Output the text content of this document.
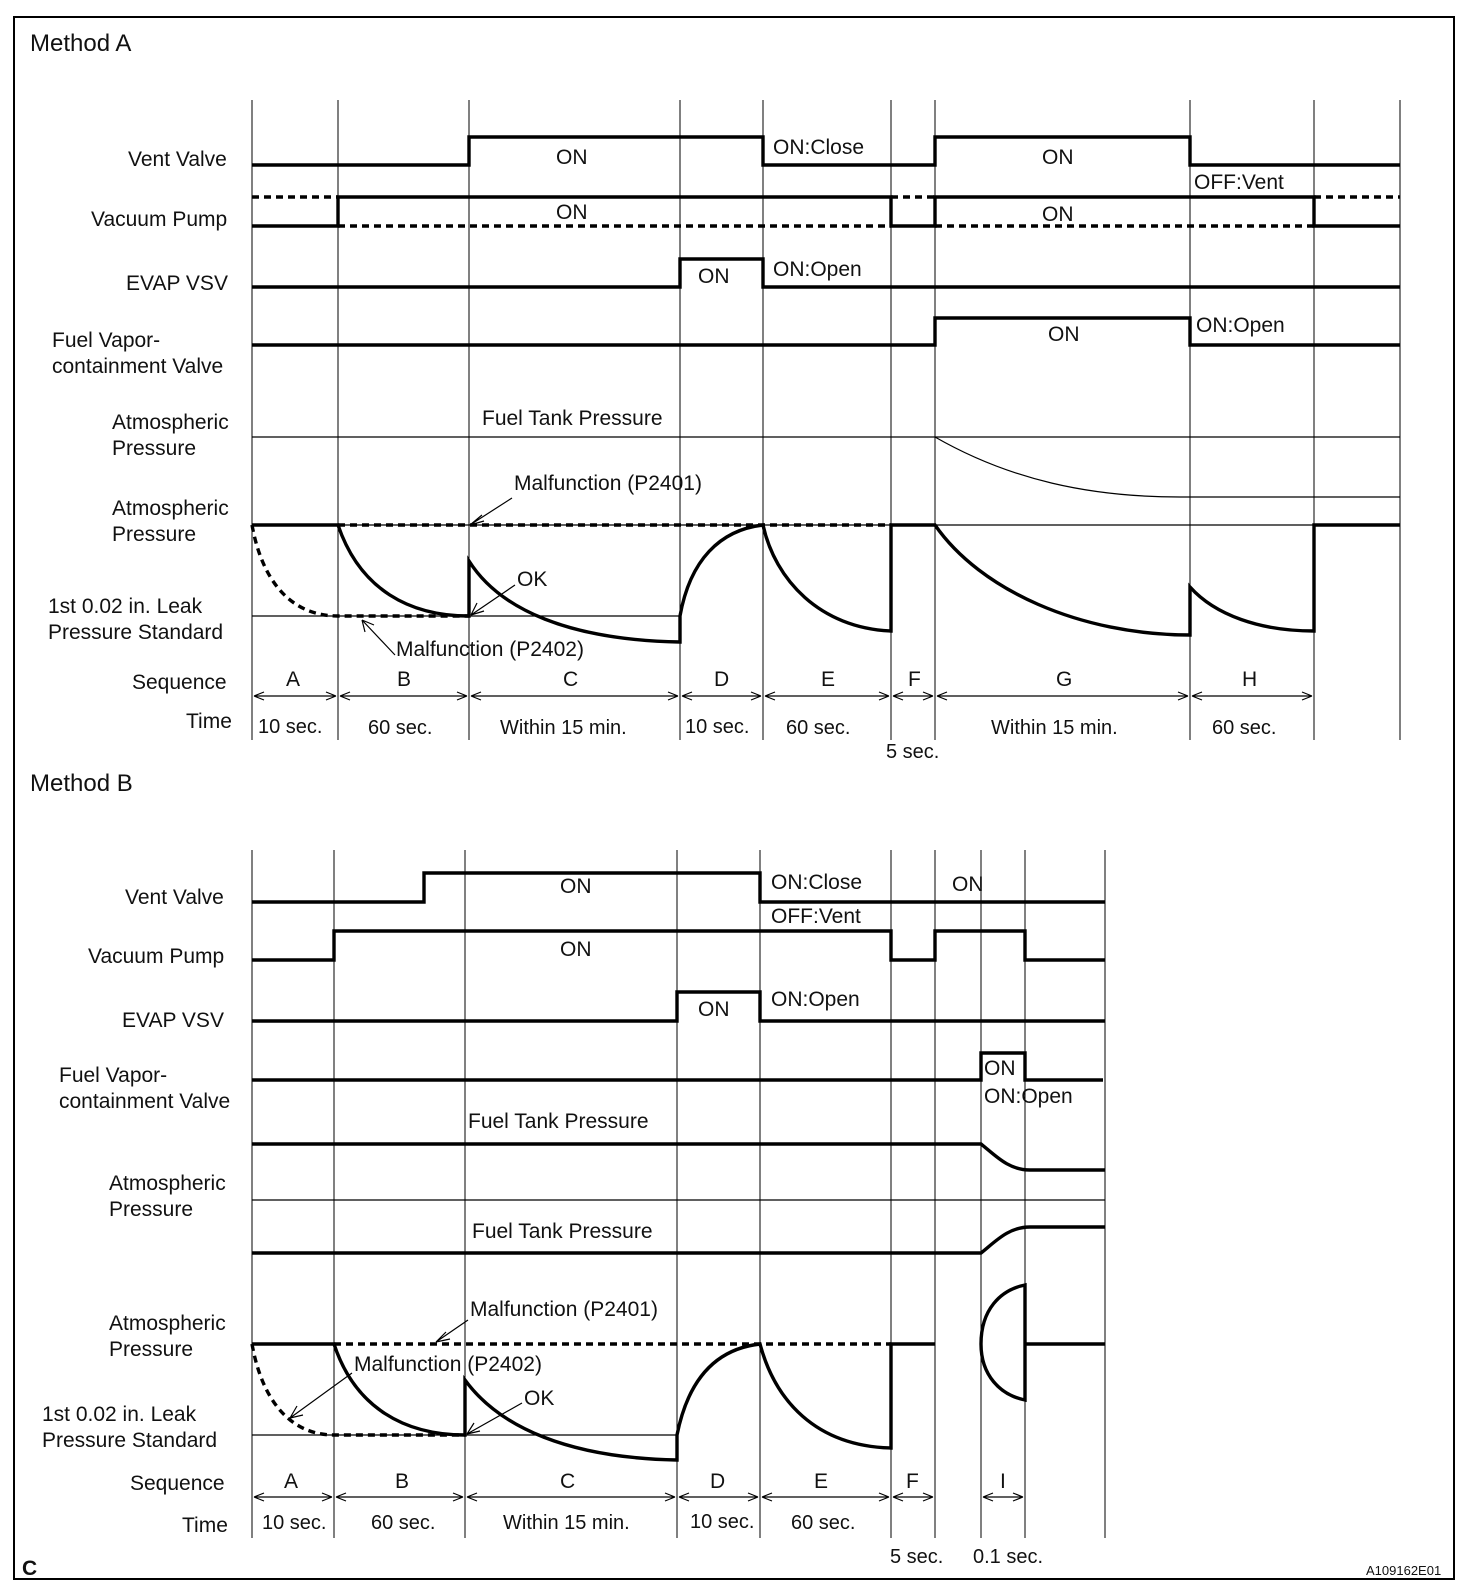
Method A
Vent Valve
Vacuum Pump
EVAP VSV
Fuel Vapor-
containment Valve
Atmospheric
Pressure
Atmospheric
Pressure
1st 0.02 in. Leak
Pressure Standard
Sequence
Time
ON	ON:Close	ON
ON	ON
OFF:Vent
ON ON:Open
ON	ON:Open
Fuel Tank Pressure
Malfunction (P2401)
OK
Malfunction (P2402)
A	B	C	D	E	F	G	H
10 sec. 60 sec.	Within 15 min.	10 sec. 60 sec.
5 sec.
Within 15 min.	60 sec.
Method B
Vent Valve
Vacuum Pump
EVAP VSV
Fuel Vapor-
containment Valve
Atmospheric
Pressure
Atmospheric
Pressure
1st 0.02 in. Leak
Pressure Standard
Sequence
Time
ON	ON:Close
OFF:Vent
ON
ON
ON ON:Open
ON
ON:Open
Fuel Tank Pressure
Fuel Tank Pressure
Malfunction (P2401)
Malfunction (P2402)
OK
A	B	C	D	E	F	I
10 sec. 60 sec.	Within 15 min.	10 sec. 60 sec.
5 sec. 0.1 sec.
C	A109162E01
